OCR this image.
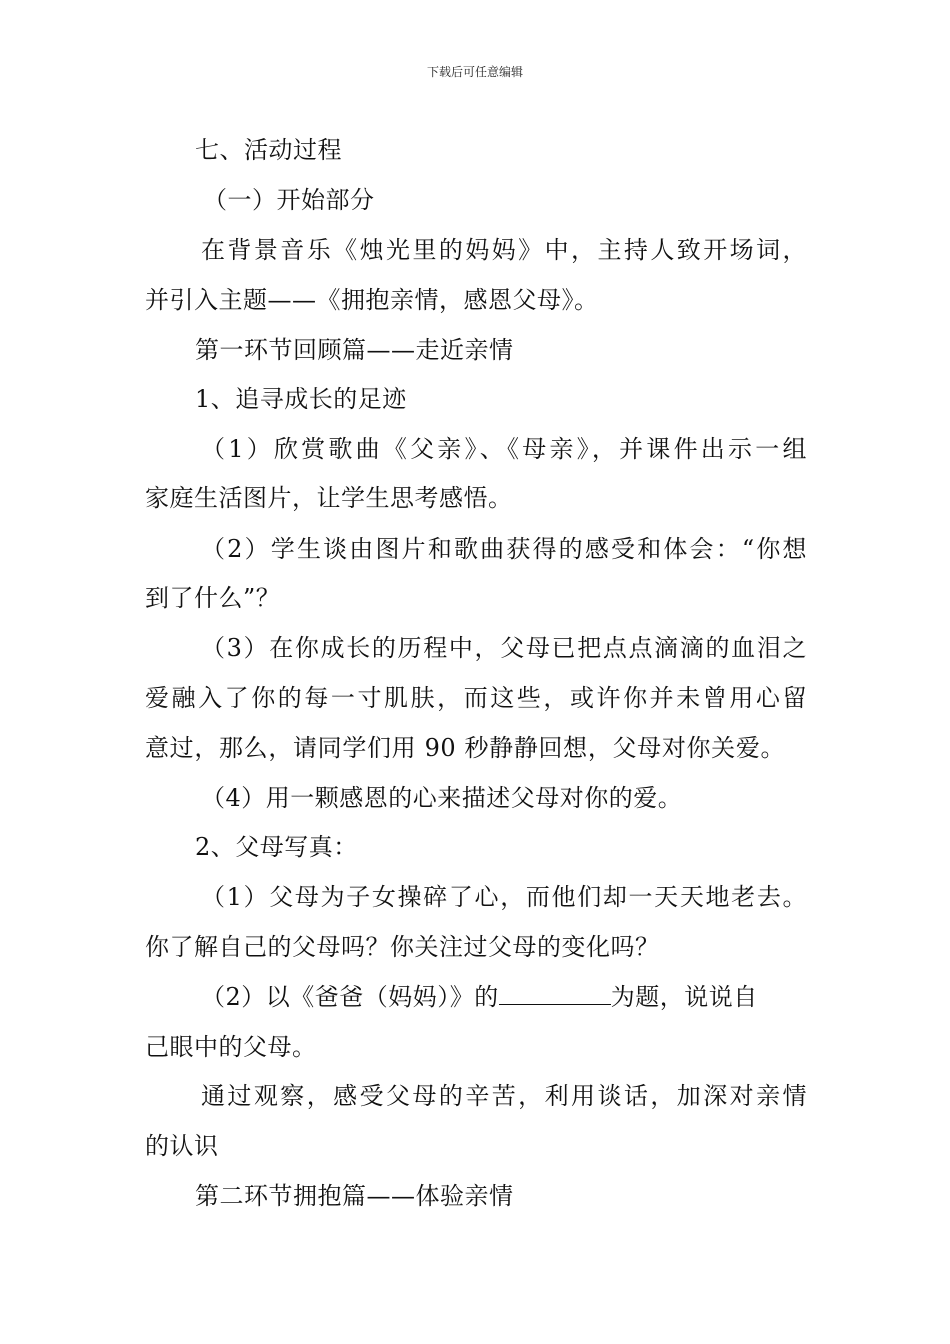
下载后可任意编辑
七、活动过程
（一）开始部分
在背景音乐《烛光里的妈妈》中，主持人致开场词，
并引入主题——《拥抱亲情，感恩父母》。
第一环节回顾篇——走近亲情
1、追寻成长的足迹
（1）欣赏歌曲《父亲》、《母亲》，并课件出示一组
家庭生活图片，让学生思考感悟。
（2）学生谈由图片和歌曲获得的感受和体会：“你想
到了什么”？
（3）在你成长的历程中，父母已把点点滴滴的血泪之
爱融入了你的每一寸肌肤，而这些，或许你并未曾用心留
意过，那么，请同学们用 90 秒静静回想，父母对你关爱。
（4）用一颗感恩的心来描述父母对你的爱。
2、父母写真：
（1）父母为子女操碎了心，而他们却一天天地老去。
你了解自己的父母吗？你关注过父母的变化吗？
（2）以《爸爸（妈妈）》的	为题，说说自
己眼中的父母。
通过观察，感受父母的辛苦，利用谈话，加深对亲情
的认识
第二环节拥抱篇——体验亲情
